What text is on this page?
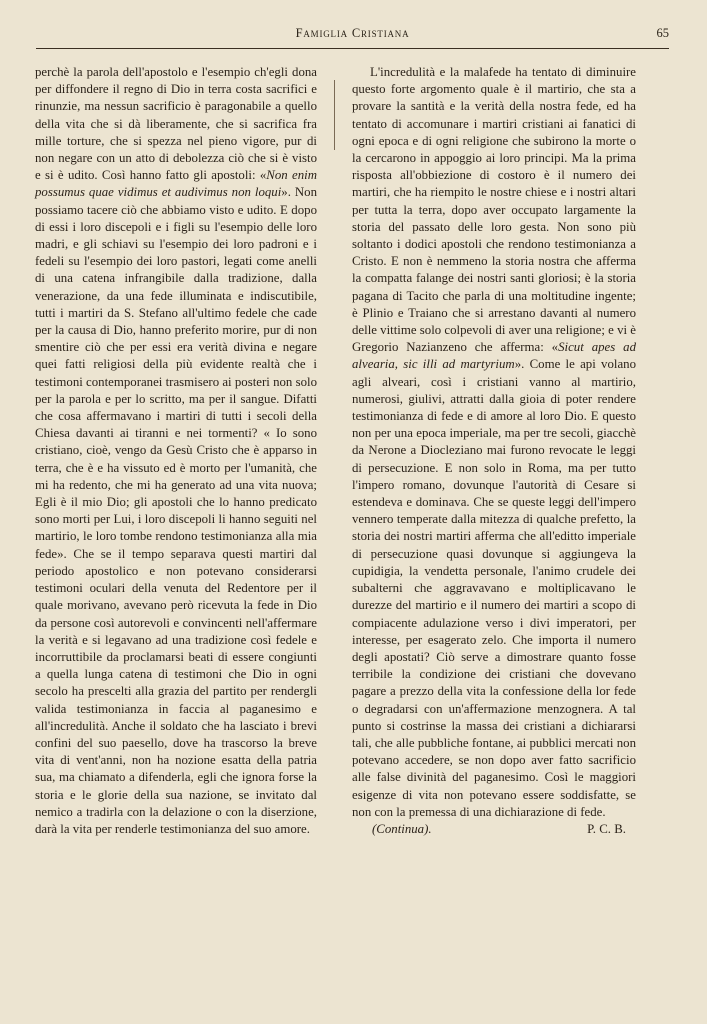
Famiglia Cristiana	65

perchè la parola dell'apostolo e l'esempio ch'egli dona per diffondere il regno di Dio in terra costa sacrifici e rinunzie, ma nessun sacrificio è paragonabile a quello della vita che si dà liberamente, che si sacrifica fra mille torture, che si spezza nel pieno vigore, pur di non negare con un atto di debolezza ciò che si è visto e si è udito. Così hanno fatto gli apostoli: «Non enim possumus quae vidimus et audivimus non loqui». Non possiamo tacere ciò che abbiamo visto e udito. E dopo di essi i loro discepoli e i figli su l'esempio delle loro madri, e gli schiavi su l'esempio dei loro padroni e i fedeli su l'esempio dei loro pastori, legati come anelli di una catena infrangibile dalla tradizione, dalla venerazione, da una fede illuminata e indiscutibile, tutti i martiri da S. Stefano all'ultimo fedele che cade per la causa di Dio, hanno preferito morire, pur di non smentire ciò che per essi era verità divina e negare quei fatti religiosi della più evidente realtà che i testimoni contemporanei trasmisero ai posteri non solo per la parola e per lo scritto, ma per il sangue. Difatti che cosa affermavano i martiri di tutti i secoli della Chiesa davanti ai tiranni e nei tormenti? « Io sono cristiano, cioè, vengo da Gesù Cristo che è apparso in terra, che è e ha vissuto ed è morto per l'umanità, che mi ha redento, che mi ha generato ad una vita nuova; Egli è il mio Dio; gli apostoli che lo hanno predicato sono morti per Lui, i loro discepoli li hanno seguiti nel martirio, le loro tombe rendono testimonianza alla mia fede». Che se il tempo separava questi martiri dal periodo apostolico e non potevano considerarsi testimoni oculari della venuta del Redentore per il quale morivano, avevano però ricevuta la fede in Dio da persone così autorevoli e convincenti nell'affermare la verità e si legavano ad una tradizione così fedele e incorruttibile da proclamarsi beati di essere congiunti a quella lunga catena di testimoni che Dio in ogni secolo ha prescelti alla grazia del partito per rendergli valida testimonianza in faccia al paganesimo e all'incredulità. Anche il soldato che ha lasciato i brevi confini del suo paesello, dove ha trascorso la breve vita di vent'anni, non ha nozione esatta della patria sua, ma chiamato a difenderla, egli che ignora forse la storia e le glorie della sua nazione, se invitato dal nemico a tradirla con la delazione o con la diserzione, darà la vita per renderle testimonianza del suo amore.

L'incredulità e la malafede ha tentato di diminuire questo forte argomento quale è il martirio, che sta a provare la santità e la verità della nostra fede, ed ha tentato di accomunare i martiri cristiani ai fanatici di ogni epoca e di ogni religione che subirono la morte o la cercarono in appoggio ai loro principi. Ma la prima risposta all'obbiezione di costoro è il numero dei martiri, che ha riempito le nostre chiese e i nostri altari per tutta la terra, dopo aver occupato largamente la storia del passato delle loro gesta. Non sono più soltanto i dodici apostoli che rendono testimonianza a Cristo. E non è nemmeno la storia nostra che afferma la compatta falange dei nostri santi gloriosi; è la storia pagana di Tacito che parla di una moltitudine ingente; è Plinio e Traiano che si arrestano davanti al numero delle vittime solo colpevoli di aver una religione; e vi è Gregorio Nazianzeno che afferma: «Sicut apes ad alvearia, sic illi ad martyrium». Come le api volano agli alveari, così i cristiani vanno al martirio, numerosi, giulivi, attratti dalla gioia di poter rendere testimonianza di fede e di amore al loro Dio. E questo non per una epoca imperiale, ma per tre secoli, giacchè da Nerone a Diocleziano mai furono revocate le leggi di persecuzione. E non solo in Roma, ma per tutto l'impero romano, dovunque l'autorità di Cesare si estendeva e dominava. Che se queste leggi dell'impero vennero temperate dalla mitezza di qualche prefetto, la storia dei nostri martiri afferma che all'editto imperiale di persecuzione quasi dovunque si aggiungeva la cupidigia, la vendetta personale, l'animo crudele dei subalterni che aggravavano e moltiplicavano le durezze del martirio e il numero dei martiri a scopo di compiacente adulazione verso i divi imperatori, per interesse, per esagerato zelo. Che importa il numero degli apostati? Ciò serve a dimostrare quanto fosse terribile la condizione dei cristiani che dovevano pagare a prezzo della vita la confessione della lor fede o degradarsi con un'affermazione menzognera. A tal punto si costrinse la massa dei cristiani a dichiararsi tali, che alle pubbliche fontane, ai pubblici mercati non potevano accedere, se non dopo aver fatto sacrificio alle false divinità del paganesimo. Così le maggiori esigenze di vita non potevano essere soddisfatte, se non con la premessa di una dichiarazione di fede.

(Continua).	P. C. B.
